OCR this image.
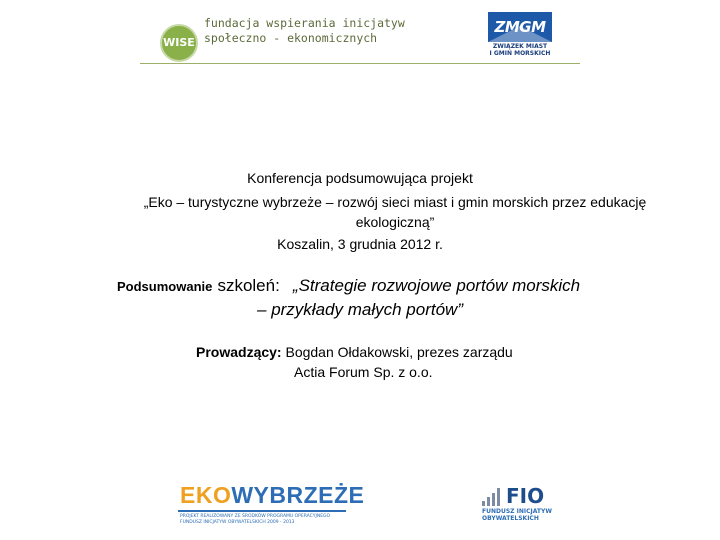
WISE
fundacja wspierania inicjatyw
społeczno - ekonomicznych
ZMGM
ZWIĄZEK MIAST
I GMIN MORSKICH
Konferencja podsumowująca projekt
„Eko – turystyczne wybrzeże – rozwój sieci miast i gmin morskich przez edukację ekologiczną”
Koszalin, 3 grudnia 2012 r.
Podsumowanie szkoleń: „Strategie rozwojowe portów morskich
– przykłady małych portów”
Prowadzący: Bogdan Ołdakowski, prezes zarządu
Actia Forum Sp. z o.o.
EKOWYBRZEŻE
PROJEKT REALIZOWANY ZE ŚRODKÓW PROGRAMU OPERACYJNEGO
FUNDUSZ INICJATYW OBYWATELSKICH 2009 - 2013
FIO
FUNDUSZ INICJATYW
OBYWATELSKICH
